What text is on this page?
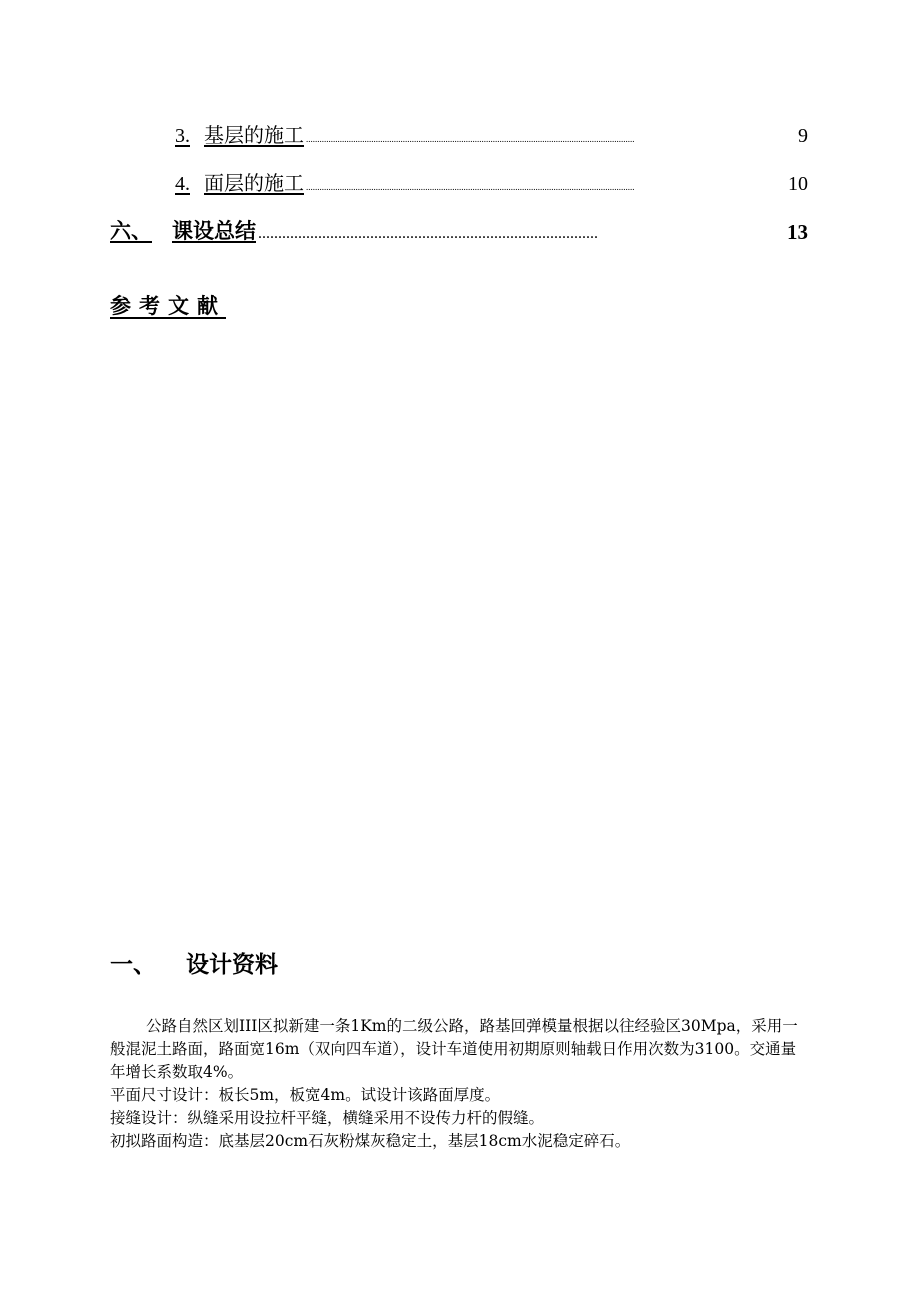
3. 基层的施工 ..................................................................................................................................................	9
4. 面层的施工 ..................................................................................................................................................	10
六、 课设总结 .....................................................................................	13
参考文献
一、 设计资料

公路自然区划III区拟新建一条1Km的二级公路，路基回弹模量根据以往经验区30Mpa，采用一般混泥土路面，路面宽16m（双向四车道），设计车道使用初期原则轴载日作用次数为3100。交通量年增长系数取4%。

平面尺寸设计：板长5m，板宽4m。试设计该路面厚度。

接缝设计：纵缝采用设拉杆平缝，横缝采用不设传力杆的假缝。

初拟路面构造：底基层20cm石灰粉煤灰稳定土，基层18cm水泥稳定碎石。
